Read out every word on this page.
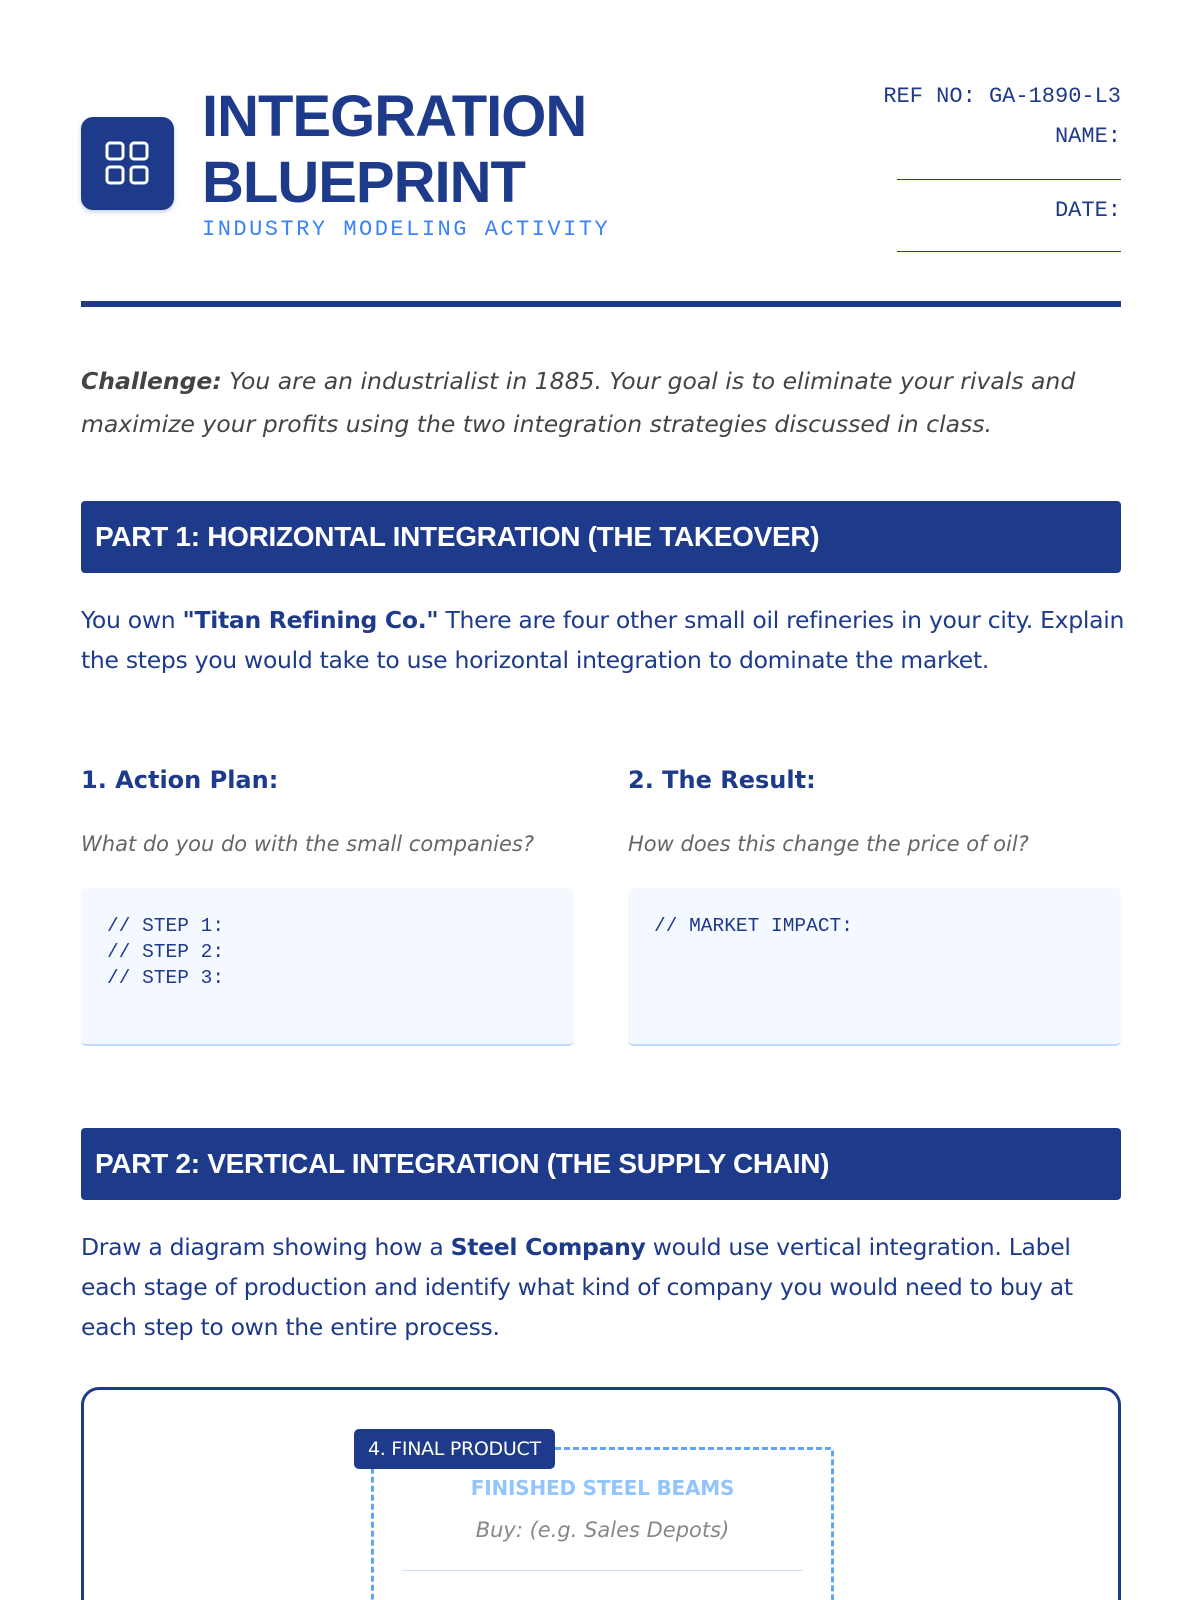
INTEGRATION
BLUEPRINT
INDUSTRY MODELING ACTIVITY
REF NO: GA-1890-L3
NAME:
DATE:
Challenge: You are an industrialist in 1885. Your goal is to eliminate your rivals and maximize your profits using the two integration strategies discussed in class.
PART 1: HORIZONTAL INTEGRATION (THE TAKEOVER)
You own "Titan Refining Co." There are four other small oil refineries in your city. Explain the steps you would take to use horizontal integration to dominate the market.
1. Action Plan:
What do you do with the small companies?
// STEP 1:
// STEP 2:
// STEP 3:
2. The Result:
How does this change the price of oil?
// MARKET IMPACT:
PART 2: VERTICAL INTEGRATION (THE SUPPLY CHAIN)
Draw a diagram showing how a Steel Company would use vertical integration. Label each stage of production and identify what kind of company you would need to buy at each step to own the entire process.
FINISHED STEEL BEAMS
Buy: (e.g. Sales Depots)
4. FINAL PRODUCT
